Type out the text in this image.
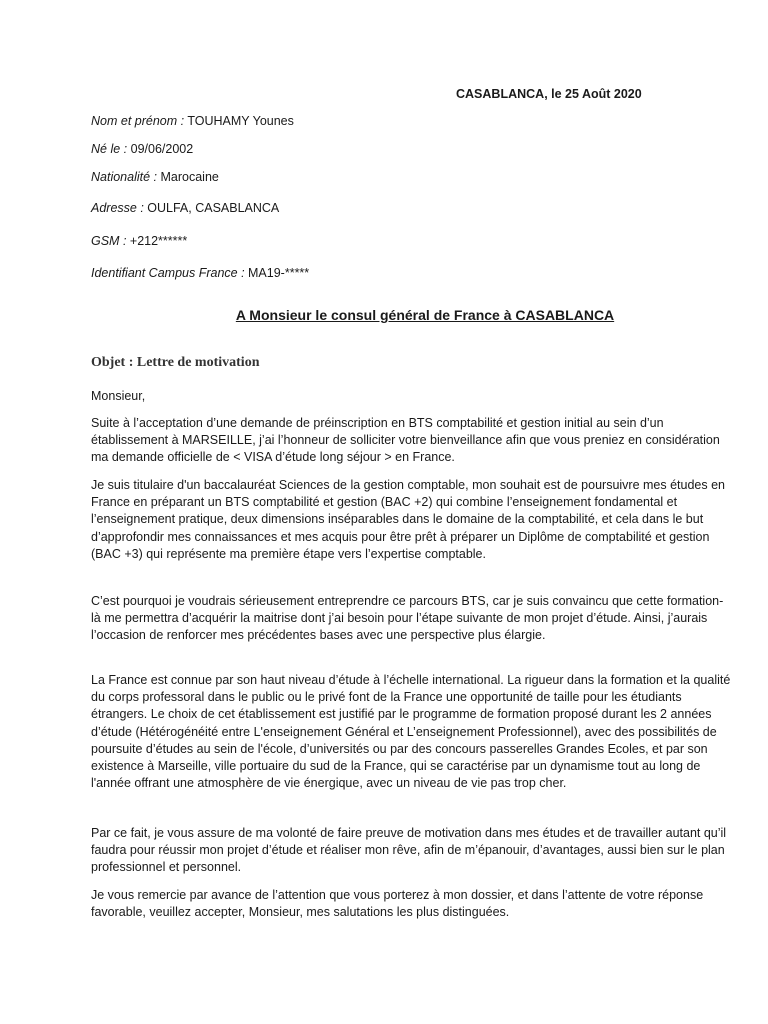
CASABLANCA, le 25 Août 2020
Nom et prénom : TOUHAMY Younes
Né le : 09/06/2002
Nationalité : Marocaine
Adresse : OULFA, CASABLANCA
GSM : +212******
Identifiant Campus France : MA19-*****
A Monsieur le consul général de France à CASABLANCA
Objet : Lettre de motivation
Monsieur,

Suite à l’acceptation d’une demande de préinscription en BTS comptabilité et gestion initial au sein d’un établissement à MARSEILLE, j’ai l’honneur de solliciter votre bienveillance afin que vous preniez en considération ma demande officielle de < VISA d’étude long séjour > en France.

Je suis titulaire d'un baccalauréat Sciences de la gestion comptable, mon souhait est de poursuivre mes études en France en préparant un BTS comptabilité et gestion (BAC +2) qui combine l’enseignement fondamental et l’enseignement pratique, deux dimensions inséparables dans le domaine de la comptabilité, et cela dans le but d’approfondir mes connaissances et mes acquis pour être prêt à préparer un Diplôme de comptabilité et gestion (BAC +3) qui représente ma première étape vers l’expertise comptable.

C’est pourquoi je voudrais sérieusement entreprendre ce parcours BTS, car je suis convaincu que cette formation-là me permettra d’acquérir la maitrise dont j’ai besoin pour l’étape suivante de mon projet d’étude. Ainsi, j’aurais l’occasion de renforcer mes précédentes bases avec une perspective plus élargie.

La France est connue par son haut niveau d’étude à l’échelle international. La rigueur dans la formation et la qualité du corps professoral dans le public ou le privé font de la France une opportunité de taille pour les étudiants étrangers. Le choix de cet établissement est justifié par le programme de formation proposé durant les 2 années d’étude (Hétérogénéité entre L'enseignement Général et L’enseignement Professionnel), avec des possibilités de poursuite d’études au sein de l'école, d’universités ou par des concours passerelles Grandes Ecoles, et par son existence à Marseille, ville portuaire du sud de la France, qui se caractérise par un dynamisme tout au long de l'année offrant une atmosphère de vie énergique, avec un niveau de vie pas trop cher.

Par ce fait, je vous assure de ma volonté de faire preuve de motivation dans mes études et de travailler autant qu’il faudra pour réussir mon projet d’étude et réaliser mon rêve, afin de m’épanouir, d’avantages, aussi bien sur le plan professionnel et personnel.

Je vous remercie par avance de l’attention que vous porterez à mon dossier, et dans l’attente de votre réponse favorable, veuillez accepter, Monsieur, mes salutations les plus distinguées.
